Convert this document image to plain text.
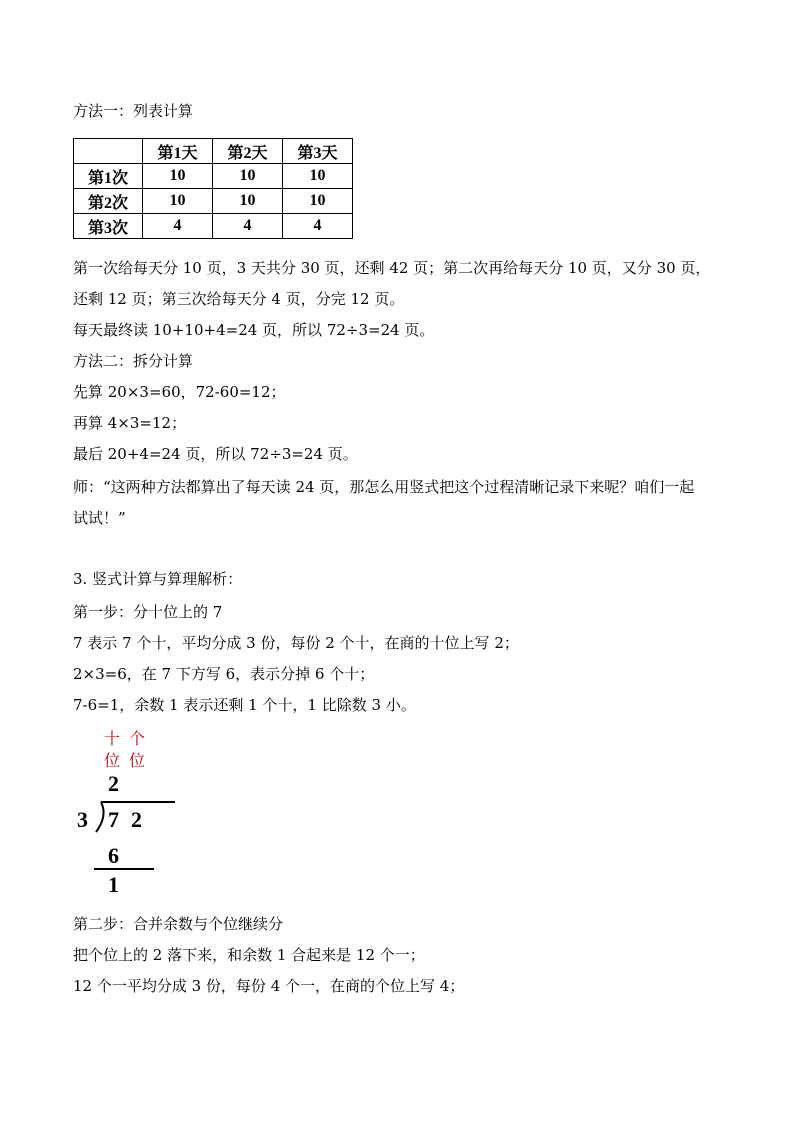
方法一：列表计算
	第1天	第2天	第3天
第1次	10	10	10
第2次	10	10	10
第3次	4	4	4
第一次给每天分 10 页，3 天共分 30 页，还剩 42 页；第二次再给每天分 10 页，又分 30 页，
还剩 12 页；第三次给每天分 4 页，分完 12 页。
每天最终读 10+10+4=24 页，所以 72÷3=24 页。
方法二：拆分计算
先算 20×3=60，72-60=12；
再算 4×3=12；
最后 20+4=24 页，所以 72÷3=24 页。
师：“这两种方法都算出了每天读 24 页，那怎么用竖式把这个过程清晰记录下来呢？咱们一起
试试！”
3. 竖式计算与算理解析：
第一步：分十位上的 7
7 表示 7 个十，平均分成 3 份，每份 2 个十，在商的十位上写 2；
2×3=6，在 7 下方写 6，表示分掉 6 个十；
7-6=1，余数 1 表示还剩 1 个十，1 比除数 3 小。
十
位
个
位
2
3 7 2
6
1
第二步：合并余数与个位继续分
把个位上的 2 落下来，和余数 1 合起来是 12 个一；
12 个一平均分成 3 份，每份 4 个一，在商的个位上写 4；
